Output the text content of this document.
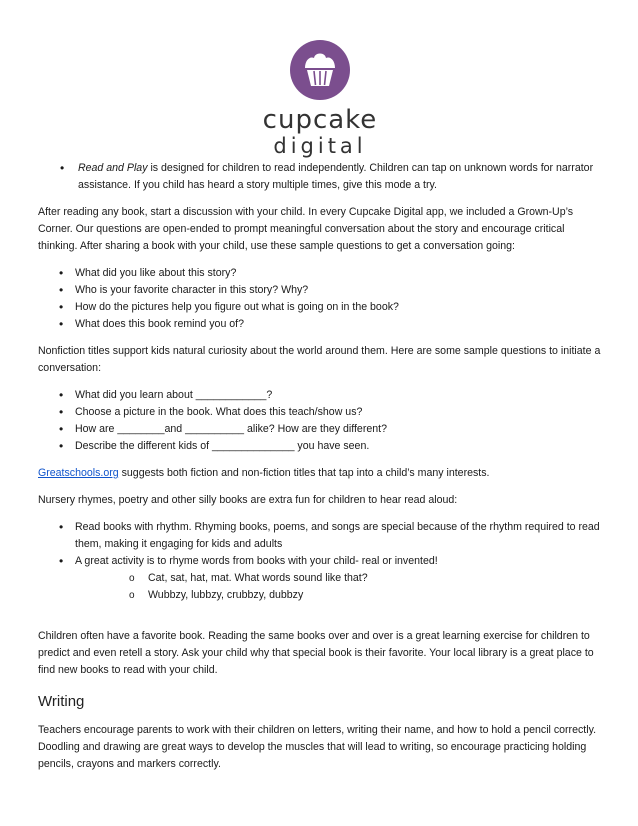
cupcake
digital
• Read and Play is designed for children to read independently. Children can tap on unknown words for narrator assistance. If you child has heard a story multiple times, give this mode a try.

After reading any book, start a discussion with your child. In every Cupcake Digital app, we included a Grown-Up’s Corner. Our questions are open-ended to prompt meaningful conversation about the story and encourage critical thinking. After sharing a book with your child, use these sample questions to get a conversation going:

• What did you like about this story?
• Who is your favorite character in this story? Why?
• How do the pictures help you figure out what is going on in the book?
• What does this book remind you of?

Nonfiction titles support kids natural curiosity about the world around them. Here are some sample questions to initiate a conversation:

• What did you learn about ____________?
• Choose a picture in the book. What does this teach/show us?
• How are ________and __________ alike? How are they different?
• Describe the different kids of ______________ you have seen.

Greatschools.org suggests both fiction and non-fiction titles that tap into a child’s many interests.

Nursery rhymes, poetry and other silly books are extra fun for children to hear read aloud:

• Read books with rhythm. Rhyming books, poems, and songs are special because of the rhythm required to read them, making it engaging for kids and adults
• A great activity is to rhyme words from books with your child- real or invented!
o Cat, sat, hat, mat. What words sound like that?
o Wubbzy, lubbzy, crubbzy, dubbzy

Children often have a favorite book. Reading the same books over and over is a great learning exercise for children to predict and even retell a story. Ask your child why that special book is their favorite. Your local library is a great place to find new books to read with your child.

Writing

Teachers encourage parents to work with their children on letters, writing their name, and how to hold a pencil correctly. Doodling and drawing are great ways to develop the muscles that will lead to writing, so encourage practicing holding pencils, crayons and markers correctly.
